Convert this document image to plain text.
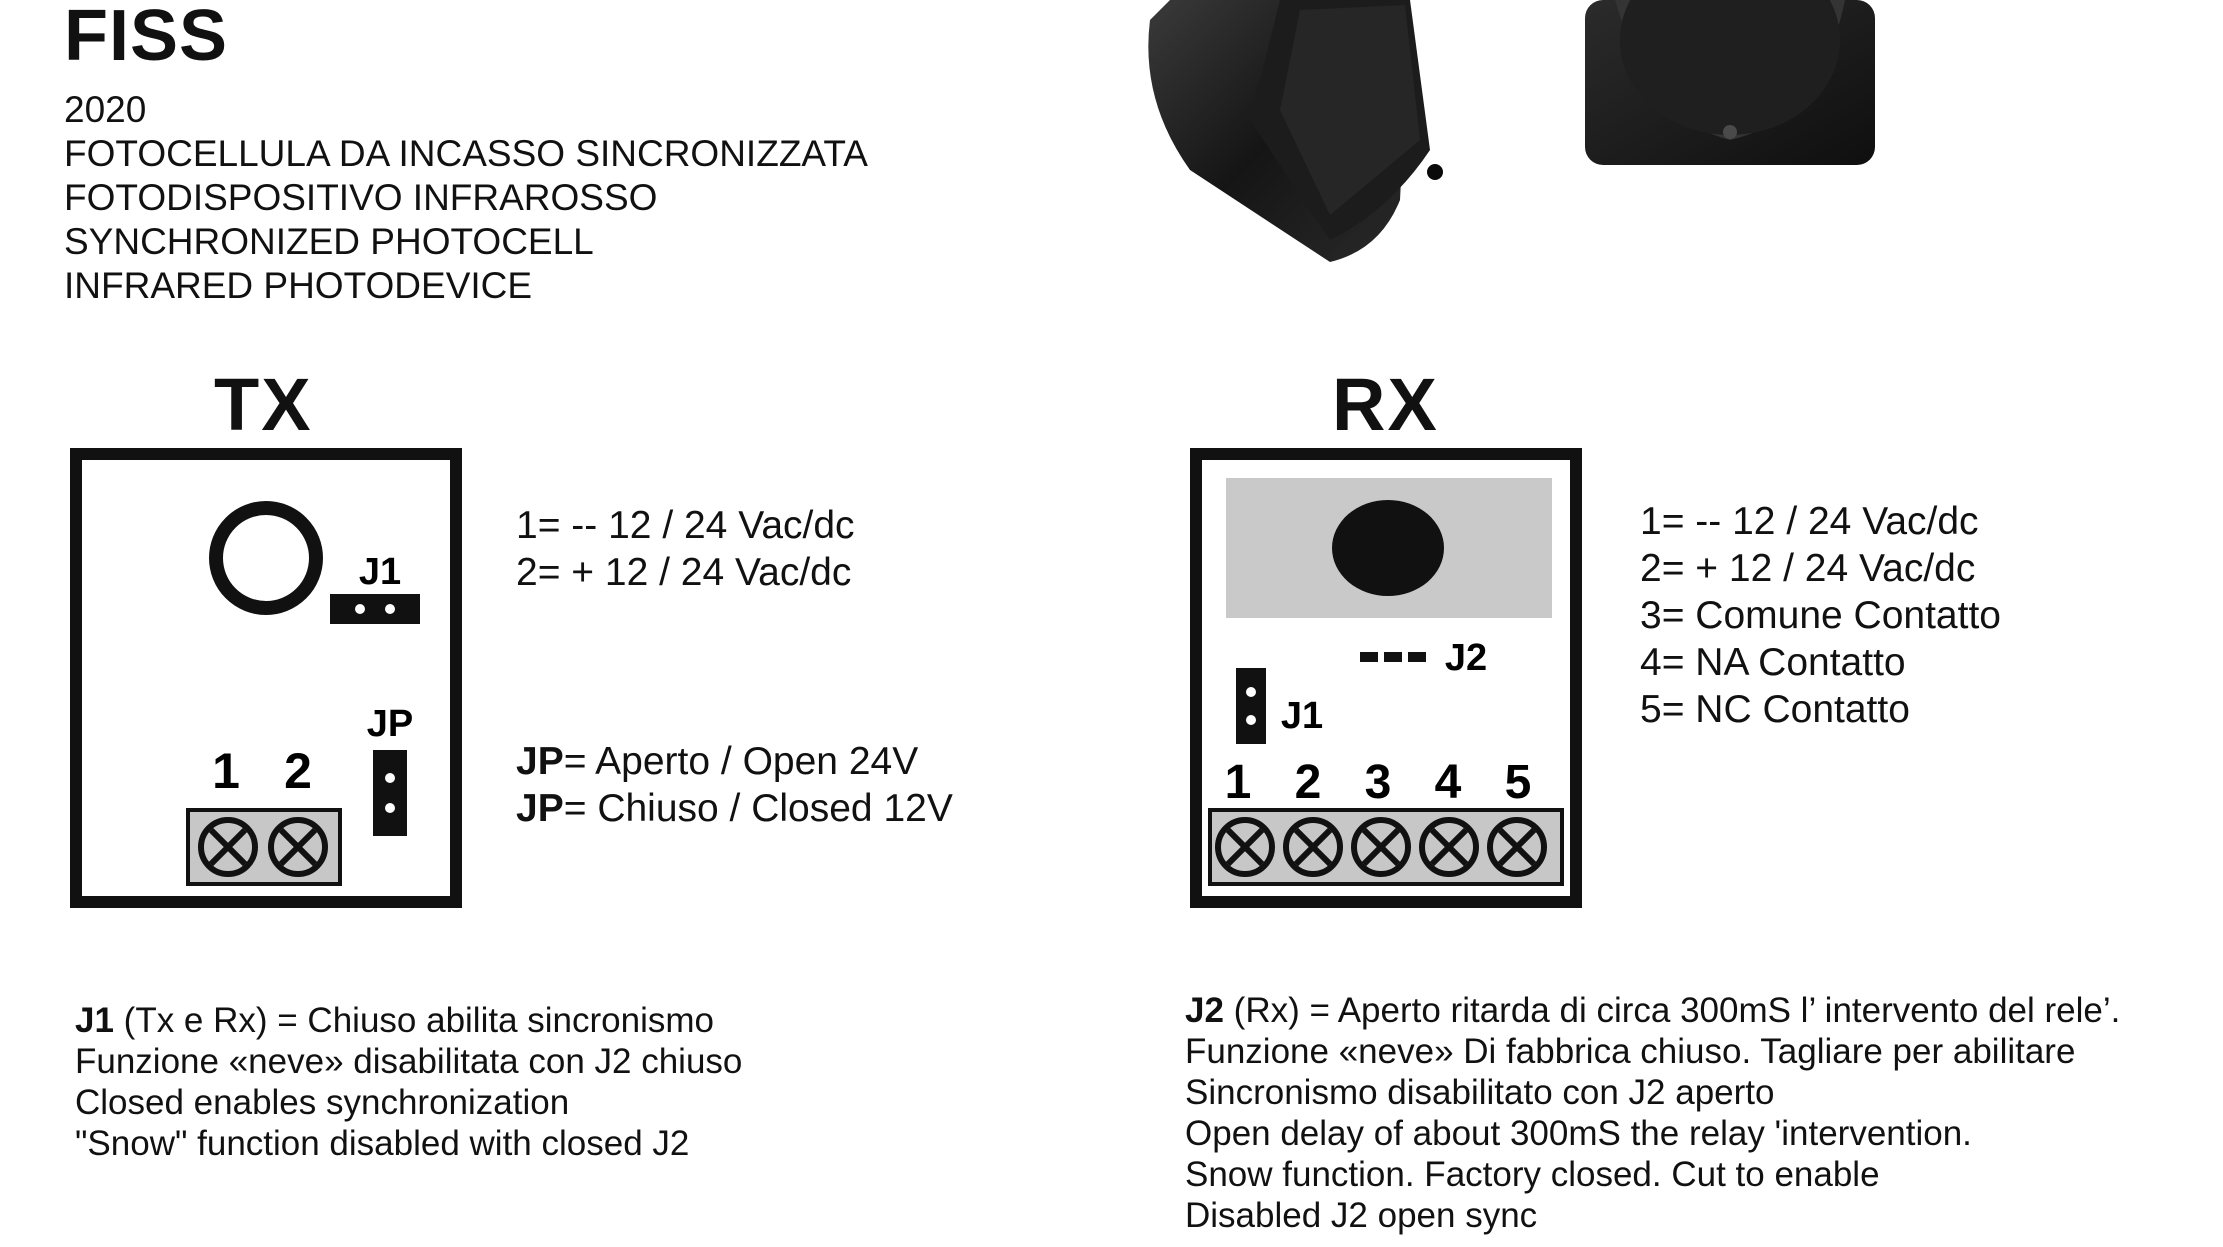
FISS
2020
FOTOCELLULA DA INCASSO SINCRONIZZATA
FOTODISPOSITIVO INFRAROSSO
SYNCHRONIZED PHOTOCELL
INFRARED PHOTODEVICE
TX
J1
JP
1 2
1= -- 12 / 24 Vac/dc
2= + 12 / 24 Vac/dc
JP= Aperto / Open 24V
JP= Chiuso / Closed 12V
RX
J2
J1
1 2 3 4 5
1= -- 12 / 24 Vac/dc
2= + 12 / 24 Vac/dc
3= Comune Contatto
4= NA Contatto
5= NC Contatto
J1 (Tx e Rx) = Chiuso abilita sincronismo
Funzione «neve» disabilitata con J2 chiuso
Closed enables synchronization
"Snow" function disabled with closed J2
J2 (Rx) = Aperto ritarda di circa 300mS l’ intervento del rele’.
Funzione «neve» Di fabbrica chiuso. Tagliare per abilitare
Sincronismo disabilitato con J2 aperto
Open delay of about 300mS the relay 'intervention.
Snow function. Factory closed. Cut to enable
Disabled J2 open sync
